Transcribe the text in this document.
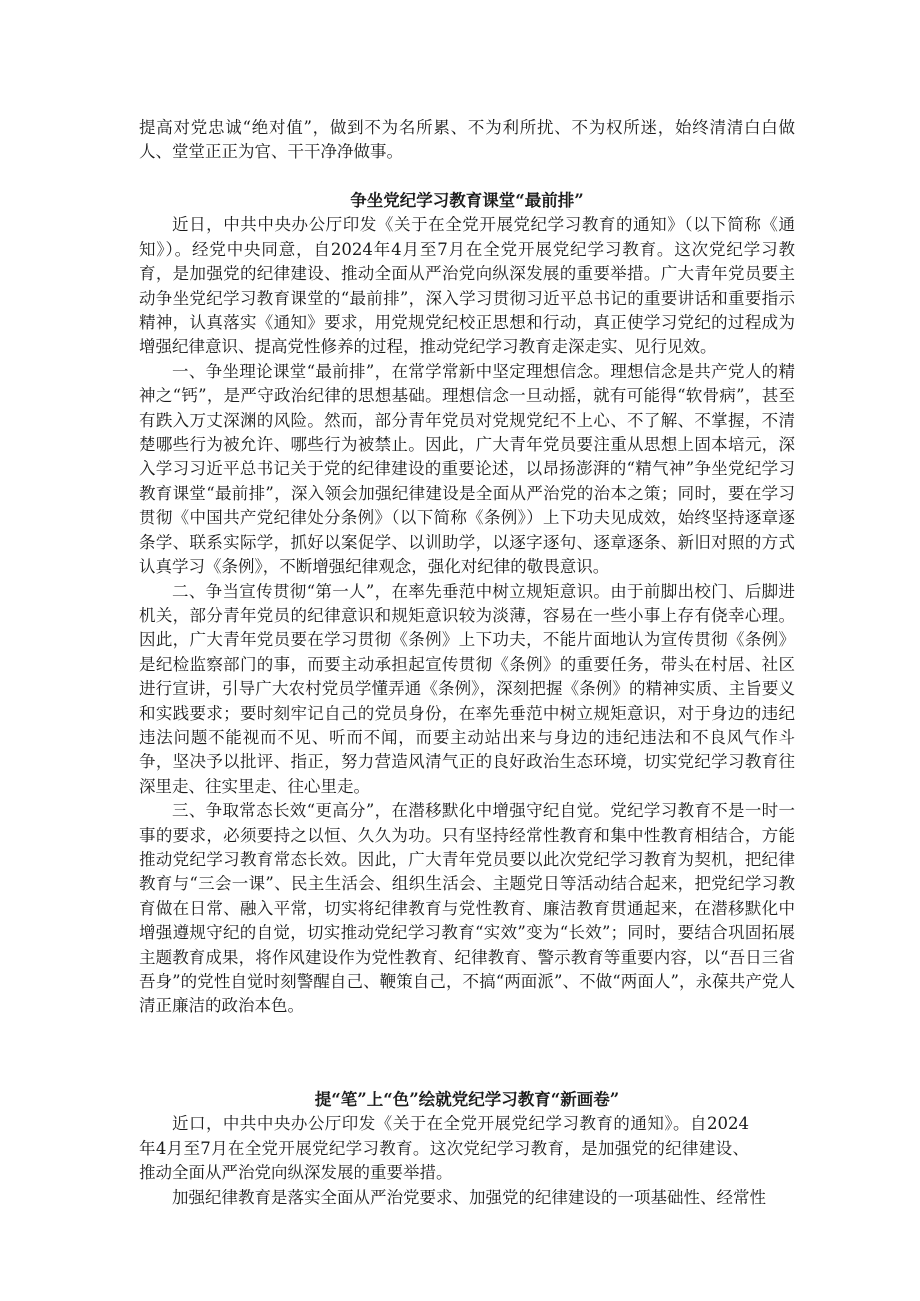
提高对党忠诚“绝对值”，做到不为名所累、不为利所扰、不为权所迷，始终清清白白做人、堂堂正正为官、干干净净做事。

争坐党纪学习教育课堂“最前排”

近日，中共中央办公厅印发《关于在全党开展党纪学习教育的通知》（以下简称《通知》）。经党中央同意，自2024年4月至7月在全党开展党纪学习教育。这次党纪学习教育，是加强党的纪律建设、推动全面从严治党向纵深发展的重要举措。广大青年党员要主动争坐党纪学习教育课堂的“最前排”，深入学习贯彻习近平总书记的重要讲话和重要指示精神，认真落实《通知》要求，用党规党纪校正思想和行动，真正使学习党纪的过程成为增强纪律意识、提高党性修养的过程，推动党纪学习教育走深走实、见行见效。

一、争坐理论课堂“最前排”，在常学常新中坚定理想信念。理想信念是共产党人的精神之“钙”，是严守政治纪律的思想基础。理想信念一旦动摇，就有可能得“软骨病”，甚至有跌入万丈深渊的风险。然而，部分青年党员对党规党纪不上心、不了解、不掌握，不清楚哪些行为被允许、哪些行为被禁止。因此，广大青年党员要注重从思想上固本培元，深入学习习近平总书记关于党的纪律建设的重要论述，以昂扬澎湃的“精气神”争坐党纪学习教育课堂“最前排”，深入领会加强纪律建设是全面从严治党的治本之策；同时，要在学习贯彻《中国共产党纪律处分条例》（以下简称《条例》）上下功夫见成效，始终坚持逐章逐条学、联系实际学，抓好以案促学、以训助学，以逐字逐句、逐章逐条、新旧对照的方式认真学习《条例》，不断增强纪律观念，强化对纪律的敬畏意识。

二、争当宣传贯彻“第一人”，在率先垂范中树立规矩意识。由于前脚出校门、后脚进机关，部分青年党员的纪律意识和规矩意识较为淡薄，容易在一些小事上存有侥幸心理。因此，广大青年党员要在学习贯彻《条例》上下功夫，不能片面地认为宣传贯彻《条例》是纪检监察部门的事，而要主动承担起宣传贯彻《条例》的重要任务，带头在村居、社区进行宣讲，引导广大农村党员学懂弄通《条例》，深刻把握《条例》的精神实质、主旨要义和实践要求；要时刻牢记自己的党员身份，在率先垂范中树立规矩意识，对于身边的违纪违法问题不能视而不见、听而不闻，而要主动站出来与身边的违纪违法和不良风气作斗争，坚决予以批评、指正，努力营造风清气正的良好政治生态环境，切实党纪学习教育往深里走、往实里走、往心里走。

三、争取常态长效“更高分”，在潜移默化中增强守纪自觉。党纪学习教育不是一时一事的要求，必须要持之以恒、久久为功。只有坚持经常性教育和集中性教育相结合，方能推动党纪学习教育常态长效。因此，广大青年党员要以此次党纪学习教育为契机，把纪律教育与“三会一课”、民主生活会、组织生活会、主题党日等活动结合起来，把党纪学习教育做在日常、融入平常，切实将纪律教育与党性教育、廉洁教育贯通起来，在潜移默化中增强遵规守纪的自觉，切实推动党纪学习教育“实效”变为“长效”；同时，要结合巩固拓展主题教育成果，将作风建设作为党性教育、纪律教育、警示教育等重要内容，以“吾日三省吾身”的党性自觉时刻警醒自己、鞭策自己，不搞“两面派”、不做“两面人”，永葆共产党人清正廉洁的政治本色。

提“笔”上“色”绘就党纪学习教育“新画卷”

近口，中共中央办公厅印发《关于在全党开展党纪学习教育的通知》。自2024年4月至7月在全党开展党纪学习教育。这次党纪学习教育，是加强党的纪律建设、推动全面从严治党向纵深发展的重要举措。

加强纪律教育是落实全面从严治党要求、加强党的纪律建设的一项基础性、经常性
